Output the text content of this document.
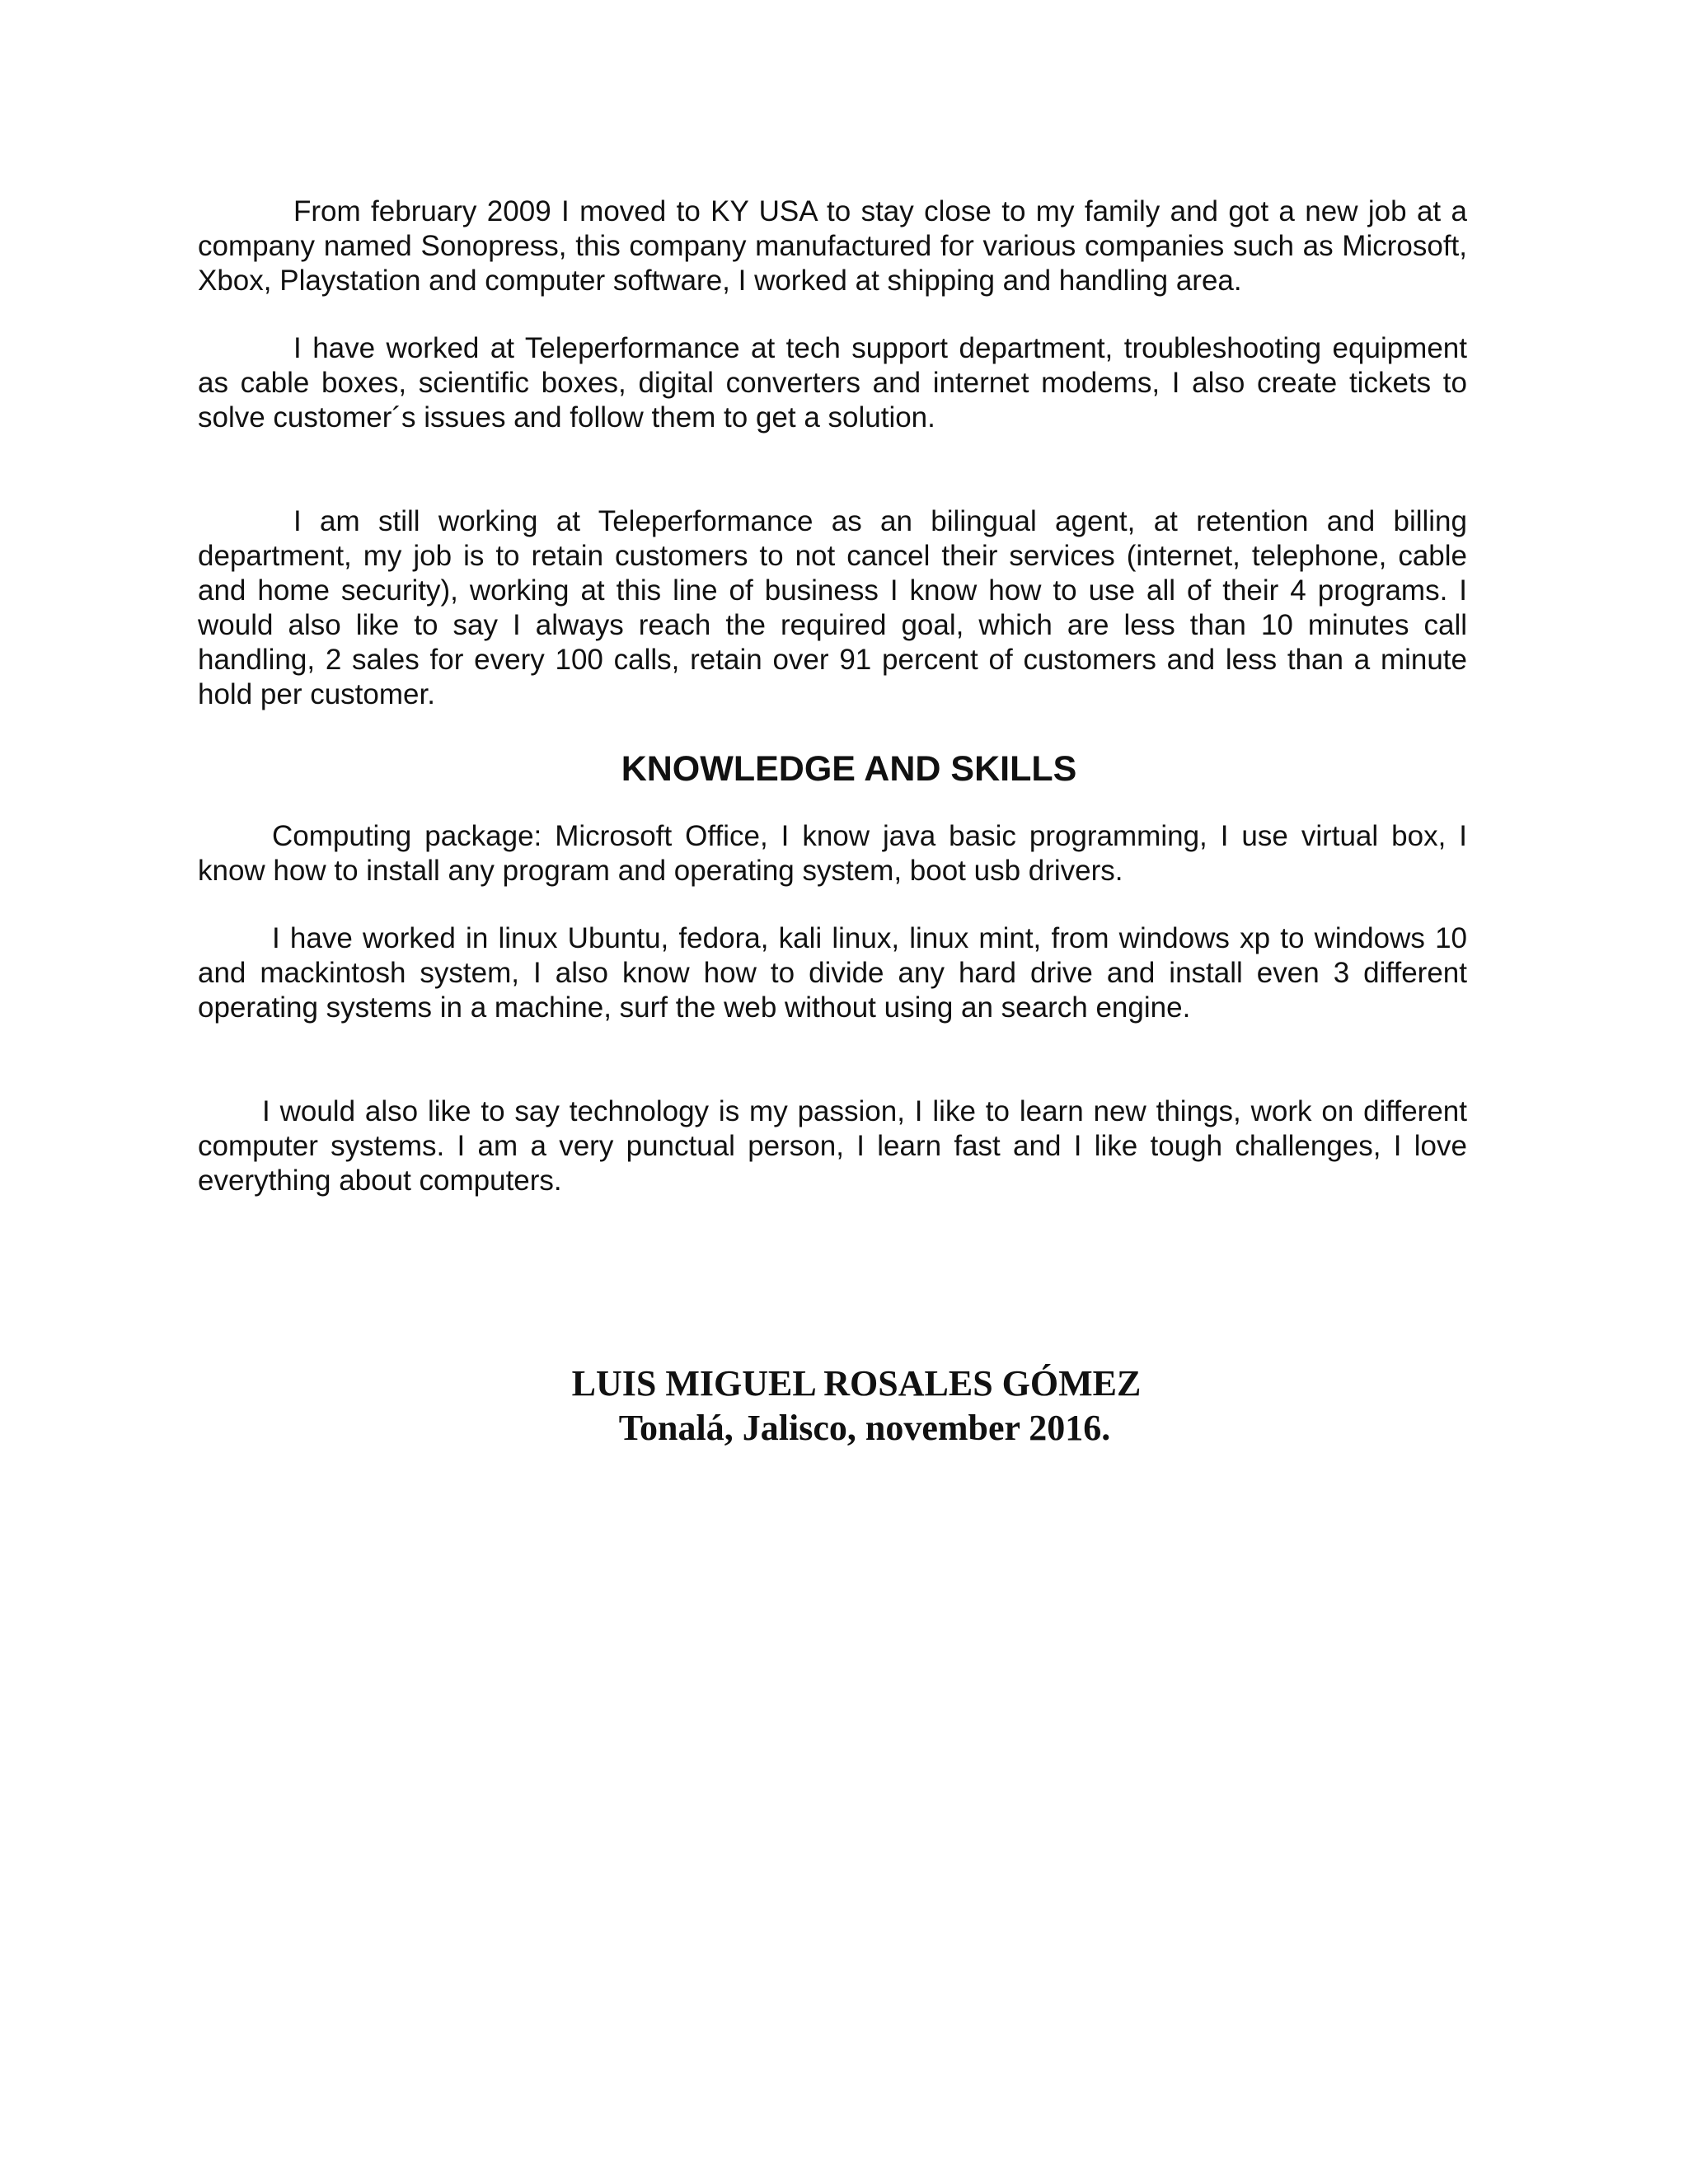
From february 2009 I moved to KY USA to stay close to my family and got a new job at a company named Sonopress, this company manufactured for various companies such as Microsoft, Xbox, Playstation and computer software, I worked at shipping and handling area.

I have worked at Teleperformance at tech support department, troubleshooting equipment as cable boxes, scientific boxes, digital converters and internet modems, I also create tickets to solve customer´s issues and follow them to get a solution.

I am still working at Teleperformance as an bilingual agent, at retention and billing department, my job is to retain customers to not cancel their services (internet, telephone, cable and home security), working at this line of business I know how to use all of their 4 programs. I would also like to say I always reach the required goal, which are less than 10 minutes call handling, 2 sales for every 100 calls, retain over 91 percent of customers and less than a minute hold per customer.

KNOWLEDGE AND SKILLS

Computing package: Microsoft Office, I know java basic programming, I use virtual box, I know how to install any program and operating system, boot usb drivers.

I have worked in linux Ubuntu, fedora, kali linux, linux mint, from windows xp to windows 10 and mackintosh system, I also know how to divide any hard drive and install even 3 different operating systems in a machine, surf the web without using an search engine.

I would also like to say technology is my passion, I like to learn new things, work on different computer systems. I am a very punctual person, I learn fast and I like tough challenges, I love everything about computers.

LUIS MIGUEL ROSALES GÓMEZ
Tonalá, Jalisco, november 2016.
